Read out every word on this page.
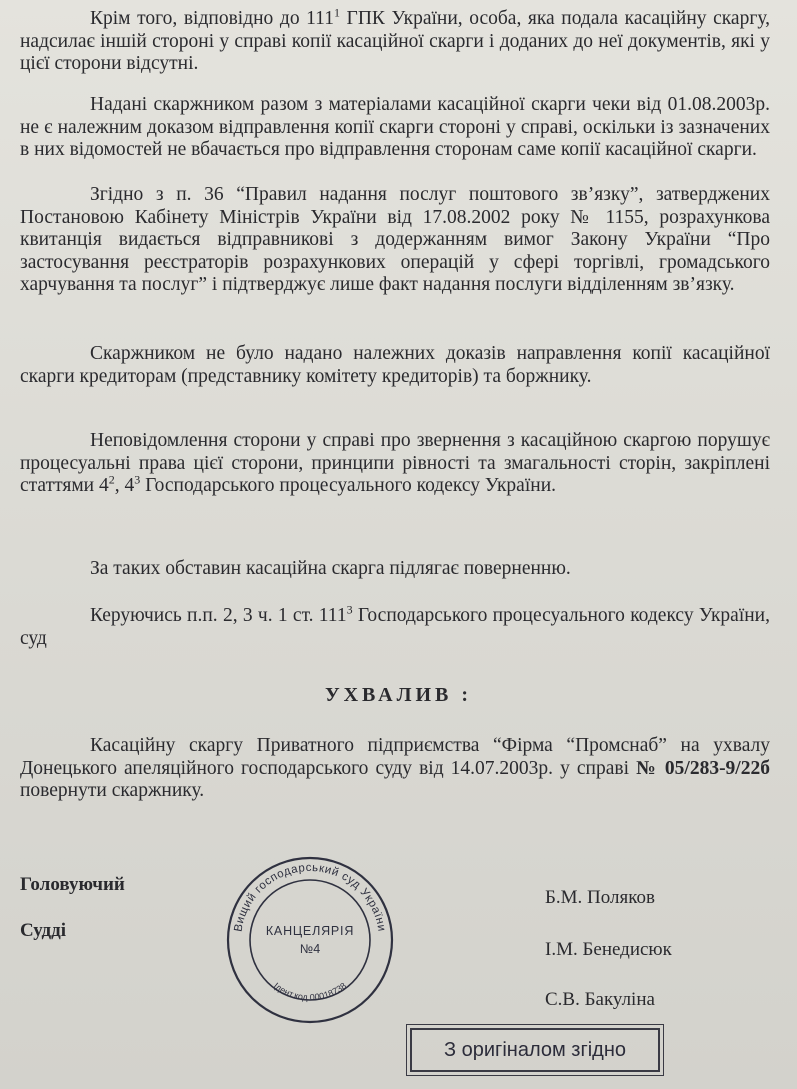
Крім того, відповідно до $111^1$ ГПК України, особа, яка подала касаційну скаргу, надсилає іншій стороні у справі копії касаційної скарги і доданих до неї документів, які у цієї сторони відсутні.

Надані скаржником разом з матеріалами касаційної скарги чеки від 01.08.2003р. не є належним доказом відправлення копії скарги стороні у справі, оскільки із зазначених в них відомостей не вбачається про відправлення сторонам саме копії касаційної скарги.

Згідно з п. 36 “Правил надання послуг поштового зв’язку”, затверджених Постановою Кабінету Міністрів України від 17.08.2002 року № 1155, розрахункова квитанція видається відправникові з додержанням вимог Закону України “Про застосування реєстраторів розрахункових операцій у сфері торгівлі, громадського харчування та послуг” і підтверджує лише факт надання послуги відділенням зв’язку.

Скаржником не було надано належних доказів направлення копії касаційної скарги кредиторам (представнику комітету кредиторів) та боржнику.

Неповідомлення сторони у справі про звернення з касаційною скаргою порушує процесуальні права цієї сторони, принципи рівності та змагальності сторін, закріплені статтями $4^2$, $4^3$ Господарського процесуального кодексу України.

За таких обставин касаційна скарга підлягає поверненню.

Керуючись п.п. 2, 3 ч. 1 ст. $111^3$ Господарського процесуального кодексу України, суд

УХВАЛИВ :

Касаційну скаргу Приватного підприємства “Фірма “Промснаб” на ухвалу Донецького апеляційного господарського суду від 14.07.2003р. у справі № 05/283-9/22б повернути скаржнику.

Головуючий
Судді
Б.М. Поляков
І.М. Бенедисюк
С.В. Бакуліна
Вищий господарський суд України
Ідент.код 00018738
КАНЦЕЛЯРІЯ
№4
З оригіналом згідно
